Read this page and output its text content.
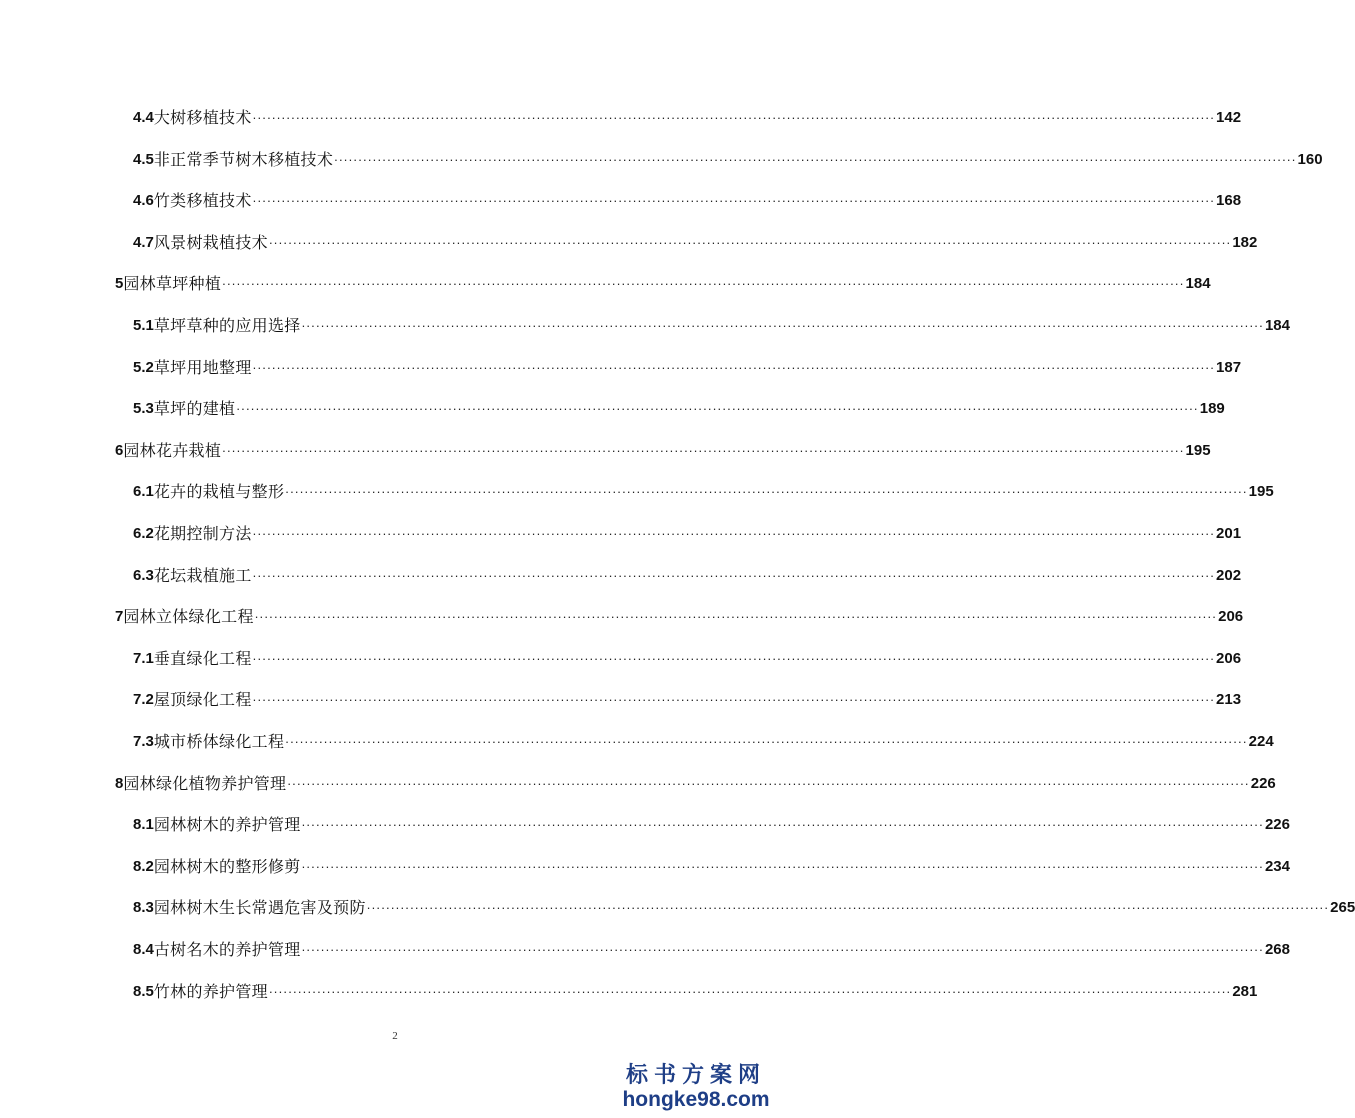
4.4 大树移植技术 ........................................................................................................................................................................................................ 142
4.5 非正常季节树木移植技术 ........................................................................................................................................................................................................ 160
4.6 竹类移植技术 ........................................................................................................................................................................................................ 168
4.7 风景树栽植技术 ........................................................................................................................................................................................................ 182
5 园林草坪种植 ........................................................................................................................................................................................................ 184
5.1 草坪草种的应用选择 ........................................................................................................................................................................................................ 184
5.2 草坪用地整理 ........................................................................................................................................................................................................ 187
5.3 草坪的建植 ........................................................................................................................................................................................................ 189
6 园林花卉栽植 ........................................................................................................................................................................................................ 195
6.1 花卉的栽植与整形 ........................................................................................................................................................................................................ 195
6.2 花期控制方法 ........................................................................................................................................................................................................ 201
6.3 花坛栽植施工 ........................................................................................................................................................................................................ 202
7 园林立体绿化工程 ........................................................................................................................................................................................................ 206
7.1 垂直绿化工程 ........................................................................................................................................................................................................ 206
7.2 屋顶绿化工程 ........................................................................................................................................................................................................ 213
7.3 城市桥体绿化工程 ........................................................................................................................................................................................................ 224
8 园林绿化植物养护管理 ........................................................................................................................................................................................................ 226
8.1 园林树木的养护管理 ........................................................................................................................................................................................................ 226
8.2 园林树木的整形修剪 ........................................................................................................................................................................................................ 234
8.3 园林树木生长常遇危害及预防 ........................................................................................................................................................................................................ 265
8.4 古树名木的养护管理 ........................................................................................................................................................................................................ 268
8.5 竹林的养护管理 ........................................................................................................................................................................................................ 281
2
标书方案网
hongke98.com
